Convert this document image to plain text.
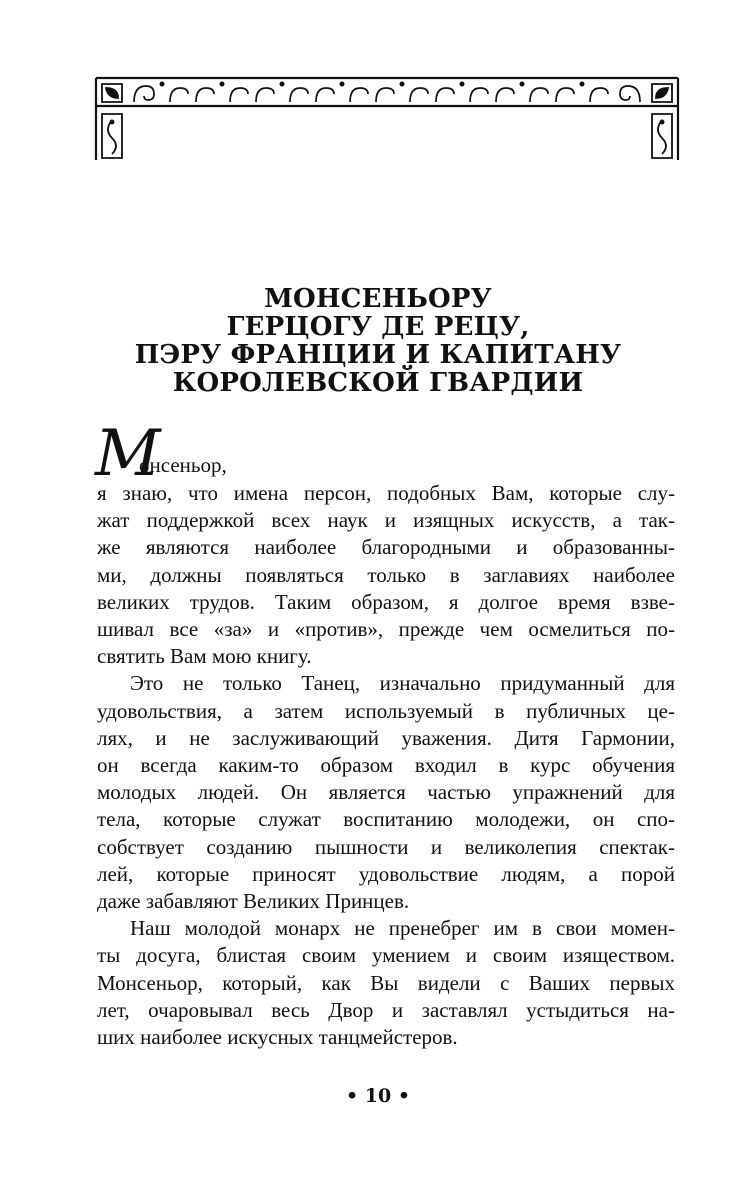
МОНСЕНЬОРУ
ГЕРЦОГУ ДЕ РЕЦУ,
ПЭРУ ФРАНЦИИ И КАПИТАНУ
КОРОЛЕВСКОЙ ГВАРДИИ
М
онсеньор,
я знаю, что имена персон, подобных Вам, которые слу-
жат поддержкой всех наук и изящных искусств, а так-
же являются наиболее благородными и образованны-
ми, должны появляться только в заглавиях наиболее
великих трудов. Таким образом, я долгое время взве-
шивал все «за» и «против», прежде чем осмелиться по-
святить Вам мою книгу.
Это не только Танец, изначально придуманный для
удовольствия, а затем используемый в публичных це-
лях, и не заслуживающий уважения. Дитя Гармонии,
он всегда каким-то образом входил в курс обучения
молодых людей. Он является частью упражнений для
тела, которые служат воспитанию молодежи, он спо-
собствует созданию пышности и великолепия спектак-
лей, которые приносят удовольствие людям, а порой
даже забавляют Великих Принцев.
Наш молодой монарх не пренебрег им в свои момен-
ты досуга, блистая своим умением и своим изяществом.
Монсеньор, который, как Вы видели с Ваших первых
лет, очаровывал весь Двор и заставлял устыдиться на-
ших наиболее искусных танцмейстеров.
• 10 •
